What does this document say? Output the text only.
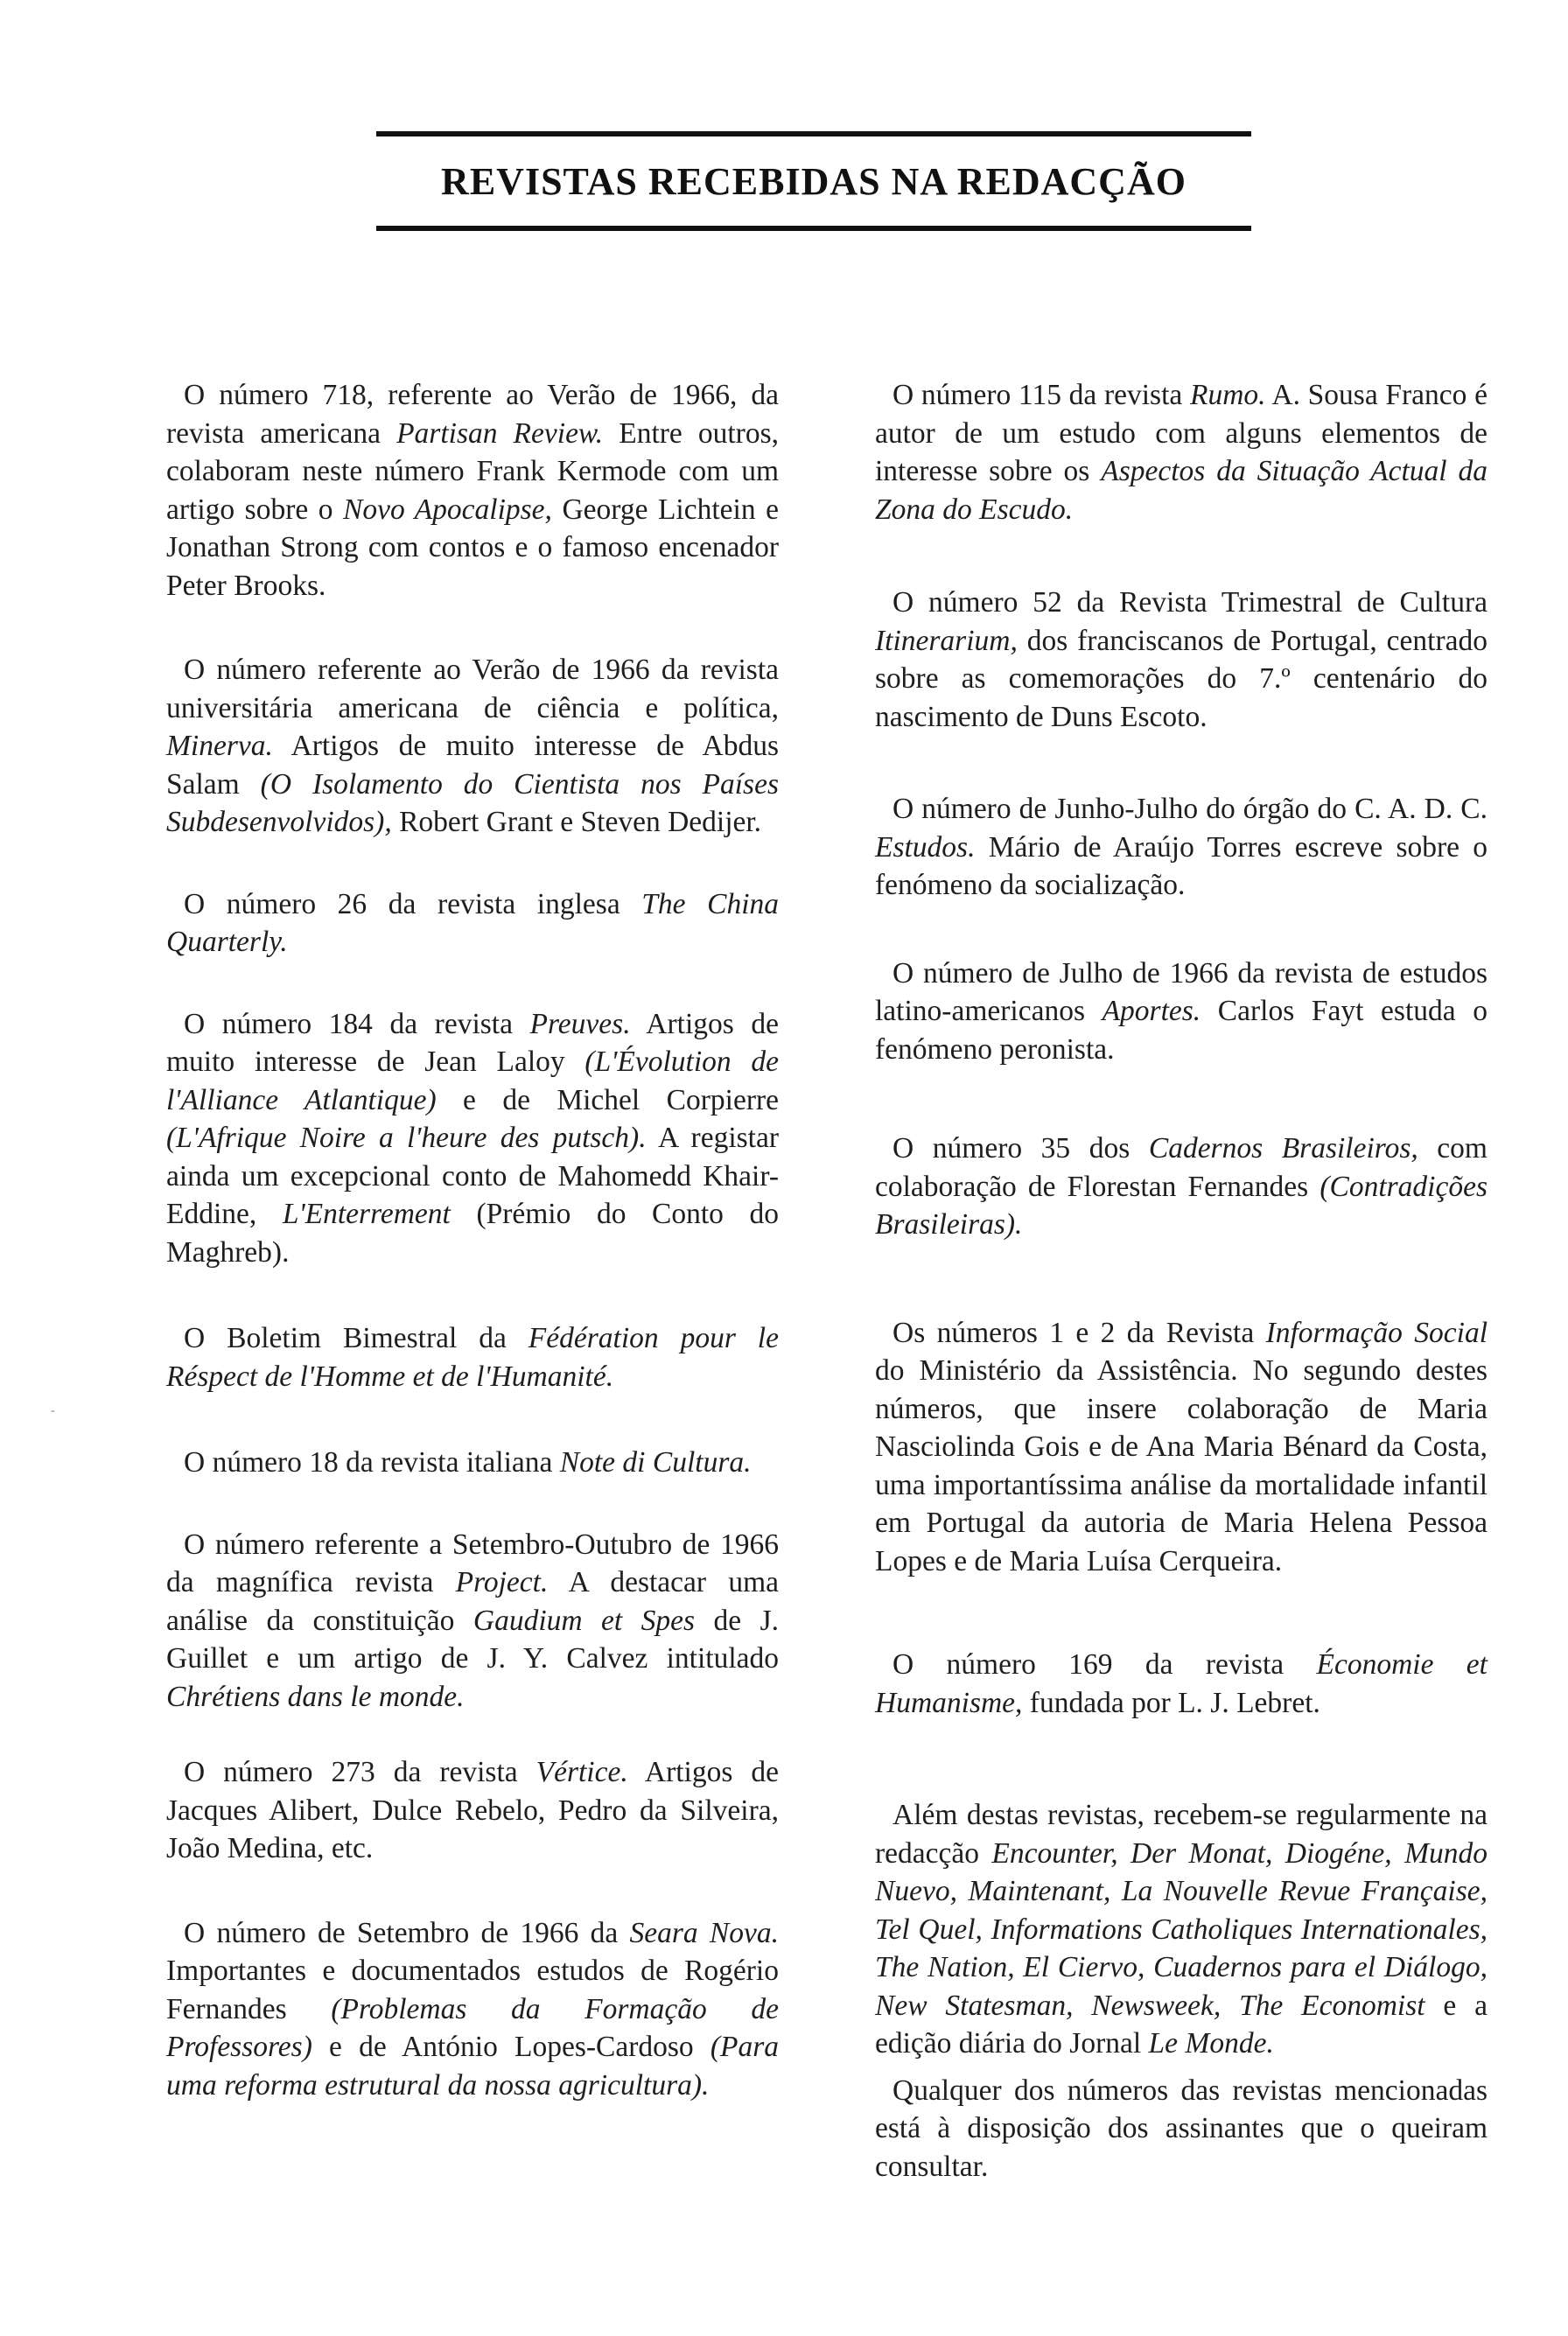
REVISTAS RECEBIDAS NA REDACÇÃO

O número 718, referente ao Verão de 1966, da revista americana Partisan Review. Entre outros, colaboram neste número Frank Kermode com um artigo sobre o Novo Apocalipse, George Lichtein e Jonathan Strong com contos e o famoso encenador Peter Brooks.

O número referente ao Verão de 1966 da revista universitária americana de ciência e política, Minerva. Artigos de muito interesse de Abdus Salam (O Isolamento do Cientista nos Países Subdesenvolvidos), Robert Grant e Steven Dedijer.

O número 26 da revista inglesa The China Quarterly.

O número 184 da revista Preuves. Artigos de muito interesse de Jean Laloy (L'Évolution de l'Alliance Atlantique) e de Michel Corpierre (L'Afrique Noire a l'heure des putsch). A registar ainda um excepcional conto de Mahomedd Khair-Eddine, L'Enterrement (Prémio do Conto do Maghreb).

O Boletim Bimestral da Fédération pour le Réspect de l'Homme et de l'Humanité.

O número 18 da revista italiana Note di Cultura.

O número referente a Setembro-Outubro de 1966 da magnífica revista Project. A destacar uma análise da constituição Gaudium et Spes de J. Guillet e um artigo de J. Y. Calvez intitulado Chrétiens dans le monde.

O número 273 da revista Vértice. Artigos de Jacques Alibert, Dulce Rebelo, Pedro da Silveira, João Medina, etc.

O número de Setembro de 1966 da Seara Nova. Importantes e documentados estudos de Rogério Fernandes (Problemas da Formação de Professores) e de António Lopes-Cardoso (Para uma reforma estrutural da nossa agricultura).

O número 115 da revista Rumo. A. Sousa Franco é autor de um estudo com alguns elementos de interesse sobre os Aspectos da Situação Actual da Zona do Escudo.

O número 52 da Revista Trimestral de Cultura Itinerarium, dos franciscanos de Portugal, centrado sobre as comemorações do 7.º centenário do nascimento de Duns Escoto.

O número de Junho-Julho do órgão do C. A. D. C. Estudos. Mário de Araújo Torres escreve sobre o fenómeno da socialização.

O número de Julho de 1966 da revista de estudos latino-americanos Aportes. Carlos Fayt estuda o fenómeno peronista.

O número 35 dos Cadernos Brasileiros, com colaboração de Florestan Fernandes (Contradições Brasileiras).

Os números 1 e 2 da Revista Informação Social do Ministério da Assistência. No segundo destes números, que insere colaboração de Maria Nasciolinda Gois e de Ana Maria Bénard da Costa, uma importantíssima análise da mortalidade infantil em Portugal da autoria de Maria Helena Pessoa Lopes e de Maria Luísa Cerqueira.

O número 169 da revista Économie et Humanisme, fundada por L. J. Lebret.

Além destas revistas, recebem-se regularmente na redacção Encounter, Der Monat, Diogéne, Mundo Nuevo, Maintenant, La Nouvelle Revue Française, Tel Quel, Informations Catholiques Internationales, The Nation, El Ciervo, Cuadernos para el Diálogo, New Statesman, Newsweek, The Economist e a edição diária do Jornal Le Monde.

Qualquer dos números das revistas mencionadas está à disposição dos assinantes que o queiram consultar.

‐
